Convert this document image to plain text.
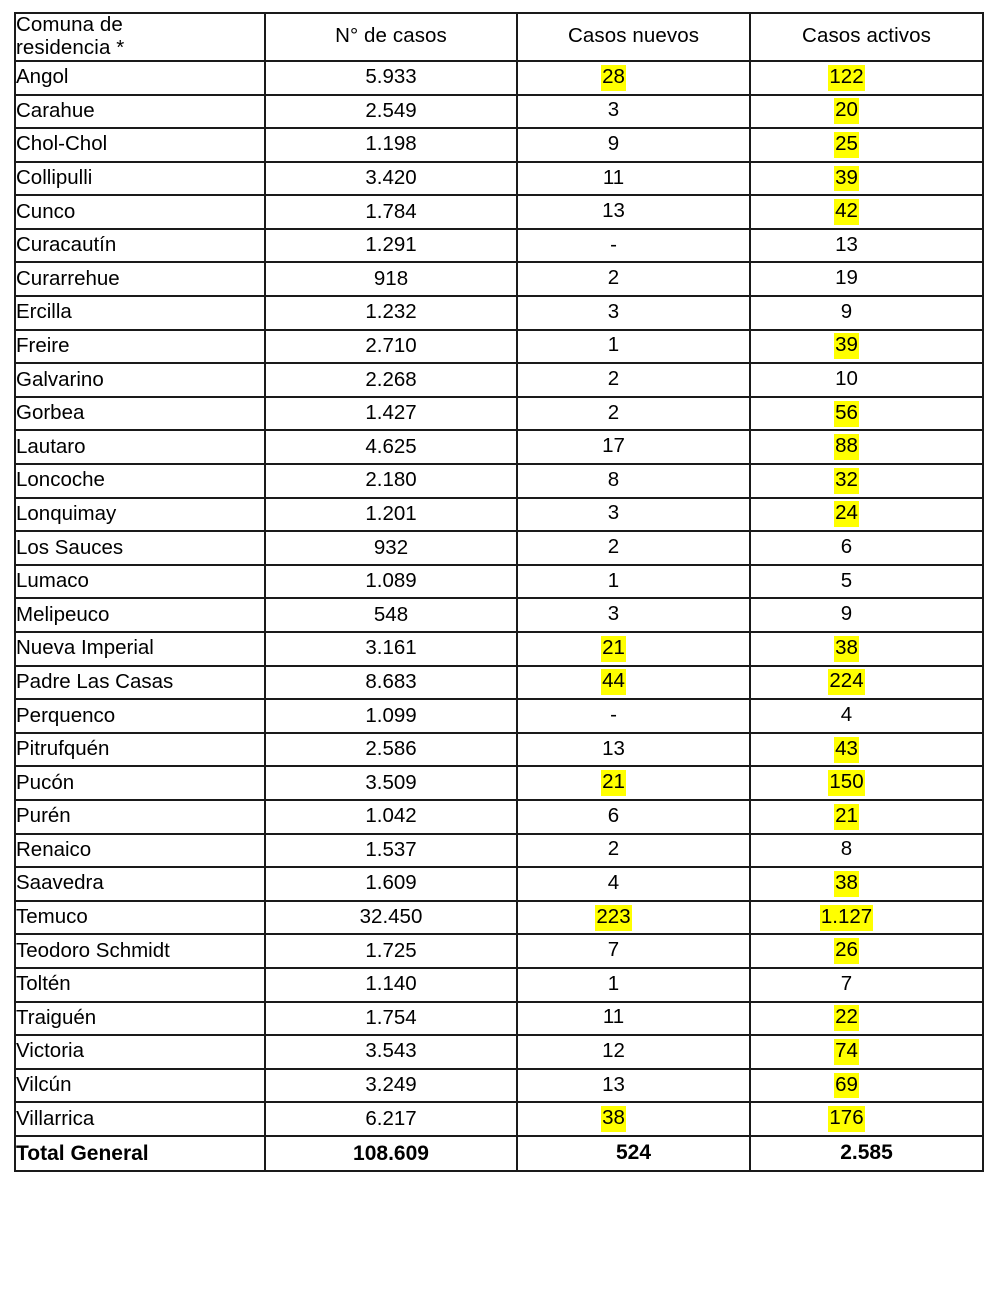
Comuna de
residencia *	N° de casos	Casos nuevos	Casos activos
Angol	5.933	28	122
Carahue	2.549	3	20
Chol-Chol	1.198	9	25
Collipulli	3.420	11	39
Cunco	1.784	13	42
Curacautín	1.291	-	13
Curarrehue	918	2	19
Ercilla	1.232	3	9
Freire	2.710	1	39
Galvarino	2.268	2	10
Gorbea	1.427	2	56
Lautaro	4.625	17	88
Loncoche	2.180	8	32
Lonquimay	1.201	3	24
Los Sauces	932	2	6
Lumaco	1.089	1	5
Melipeuco	548	3	9
Nueva Imperial	3.161	21	38
Padre Las Casas	8.683	44	224
Perquenco	1.099	-	4
Pitrufquén	2.586	13	43
Pucón	3.509	21	150
Purén	1.042	6	21
Renaico	1.537	2	8
Saavedra	1.609	4	38
Temuco	32.450	223	1.127
Teodoro Schmidt	1.725	7	26
Toltén	1.140	1	7
Traiguén	1.754	11	22
Victoria	3.543	12	74
Vilcún	3.249	13	69
Villarrica	6.217	38	176
Total General	108.609	524	2.585
